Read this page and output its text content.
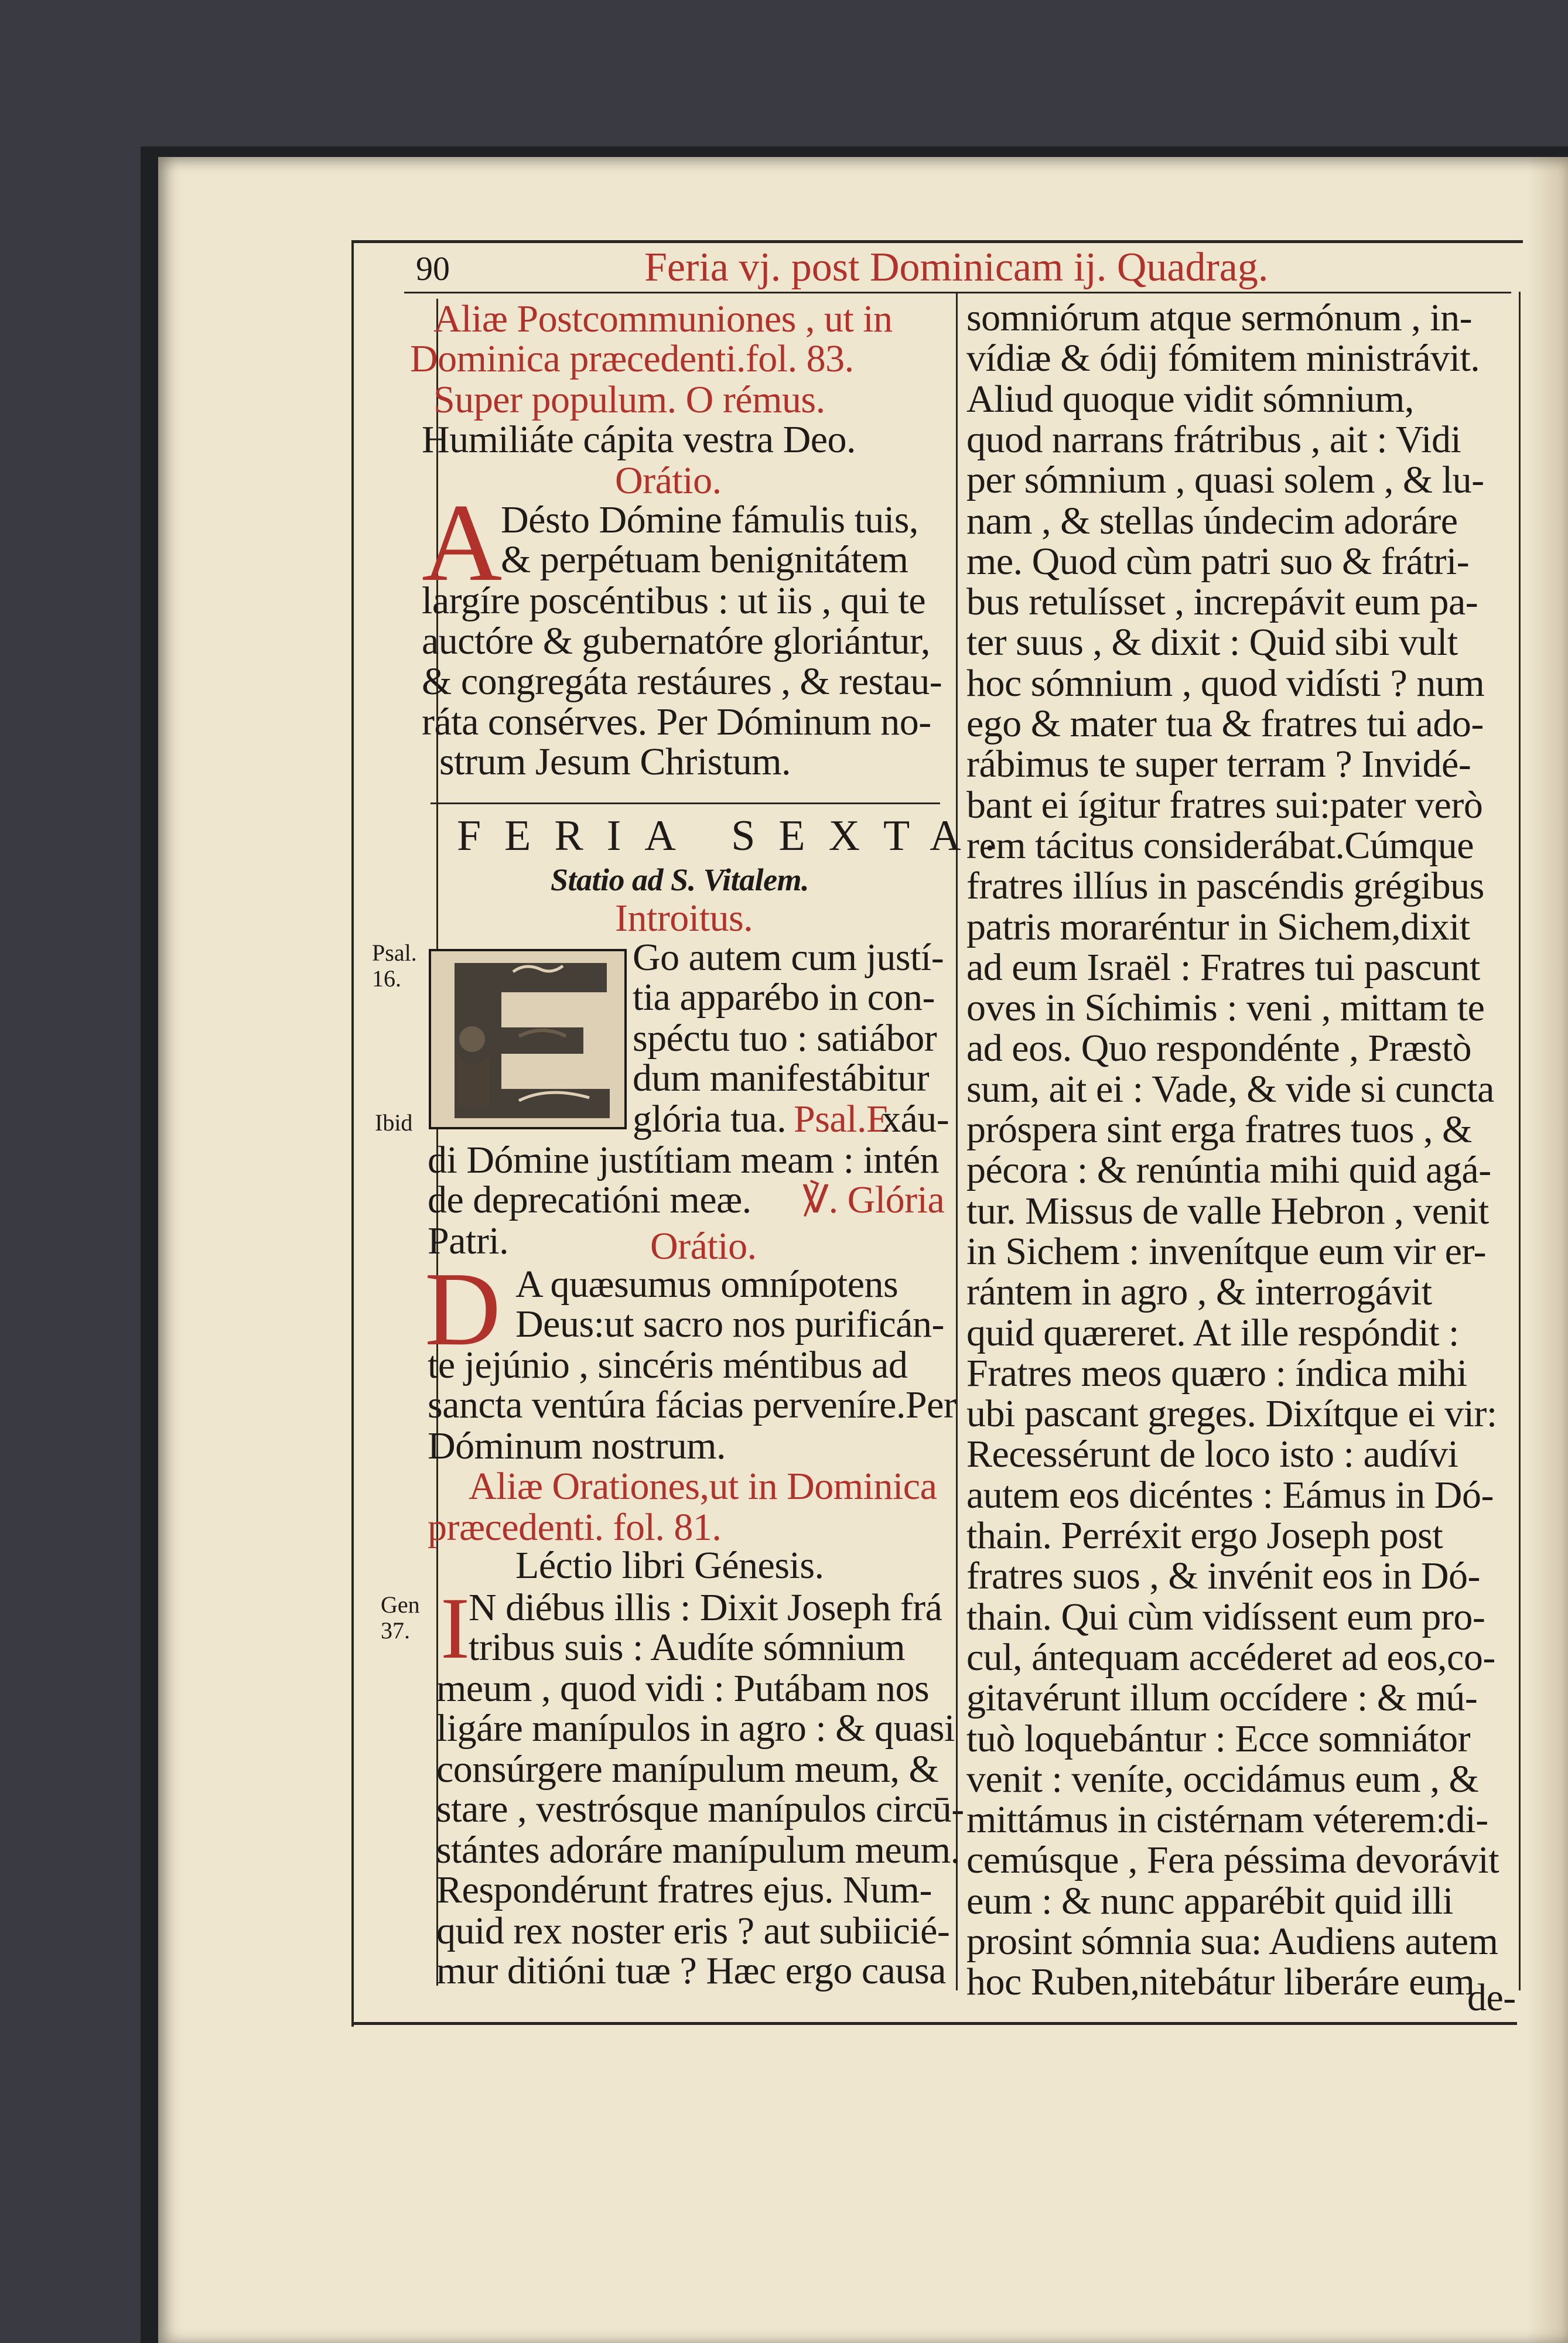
90	Feria vj. post Dominicam ij. Quadrag.
Aliæ Postcommuniones , ut in
Dominica præcedenti.fol. 83.
Super populum. O rémus.
Humiliáte cápita vestra Deo.
Orátio.
A
Désto Dómine fámulis tuis,
& perpétuam benignitátem
largíre poscéntibus : ut iis , qui te
auctóre & gubernatóre gloriántur,
& congregáta restáures , & restau-
ráta consérves. Per Dóminum no-
strum Jesum Christum.
FERIA SEXTA.
Statio ad S. Vitalem.
Introitus.
Go autem cum justí-
tia apparébo in con-
spéctu tuo : satiábor
dum manifestábitur
glória tua. Psal.E
xáu-
di Dómine justítiam meam : intén
de deprecatióni meæ. ℣. Glória
Patri.	Orátio.
D A quæsumus omnípotens
Deus:ut sacro nos purificán-
te jejúnio , sincéris méntibus ad
sancta ventúra fácias perveníre.Per
Dóminum nostrum.
Aliæ Orationes,ut in Dominica
præcedenti. fol. 81.
Léctio libri Génesis.
I
N diébus illis : Dixit Joseph frá
tribus suis : Audíte sómnium
meum , quod vidi : Putábam nos
ligáre manípulos in agro : & quasi
consúrgere manípulum meum, &
stare , vestrósque manípulos circū-
stántes adoráre manípulum meum.
Respondérunt fratres ejus. Num-
quid rex noster eris ? aut subiicié-
mur ditióni tuæ ? Hæc ergo causa
Psal.
16.
Ibid
Gen
37.
somniórum atque sermónum , in-
vídiæ & ódij fómitem ministrávit.
Aliud quoque vidit sómnium,
quod narrans frátribus , ait : Vidi
per sómnium , quasi solem , & lu-
nam , & stellas úndecim adoráre
me. Quod cùm patri suo & frátri-
bus retulísset , increpávit eum pa-
ter suus , & dixit : Quid sibi vult
hoc sómnium , quod vidísti ? num
ego & mater tua & fratres tui ado-
rábimus te super terram ? Invidé-
bant ei ígitur fratres sui:pater verò
rem tácitus considerábat.Cúmque
fratres illíus in pascéndis grégibus
patris moraréntur in Sichem,dixit
ad eum Israël : Fratres tui pascunt
oves in Síchimis : veni , mittam te
ad eos. Quo respondénte , Præstò
sum, ait ei : Vade, & vide si cuncta
próspera sint erga fratres tuos , &
pécora : & renúntia mihi quid agá-
tur. Missus de valle Hebron , venit
in Sichem : invenítque eum vir er-
rántem in agro , & interrogávit
quid quæreret. At ille respóndit :
Fratres meos quæro : índica mihi
ubi pascant greges. Dixítque ei vir:
Recessérunt de loco isto : audívi
autem eos dicéntes : Eámus in Dó-
thain. Perréxit ergo Joseph post
fratres suos , & invénit eos in Dó-
thain. Qui cùm vidíssent eum pro-
cul, ántequam accéderet ad eos,co-
gitavérunt illum occídere : & mú-
tuò loquebántur : Ecce somniátor
venit : veníte, occidámus eum , &
mittámus in cistérnam véterem:di-
cemúsque , Fera péssima devorávit
eum : & nunc apparébit quid illi
prosint sómnia sua: Audiens autem
hoc Ruben,nitebátur liberáre eum
de-
